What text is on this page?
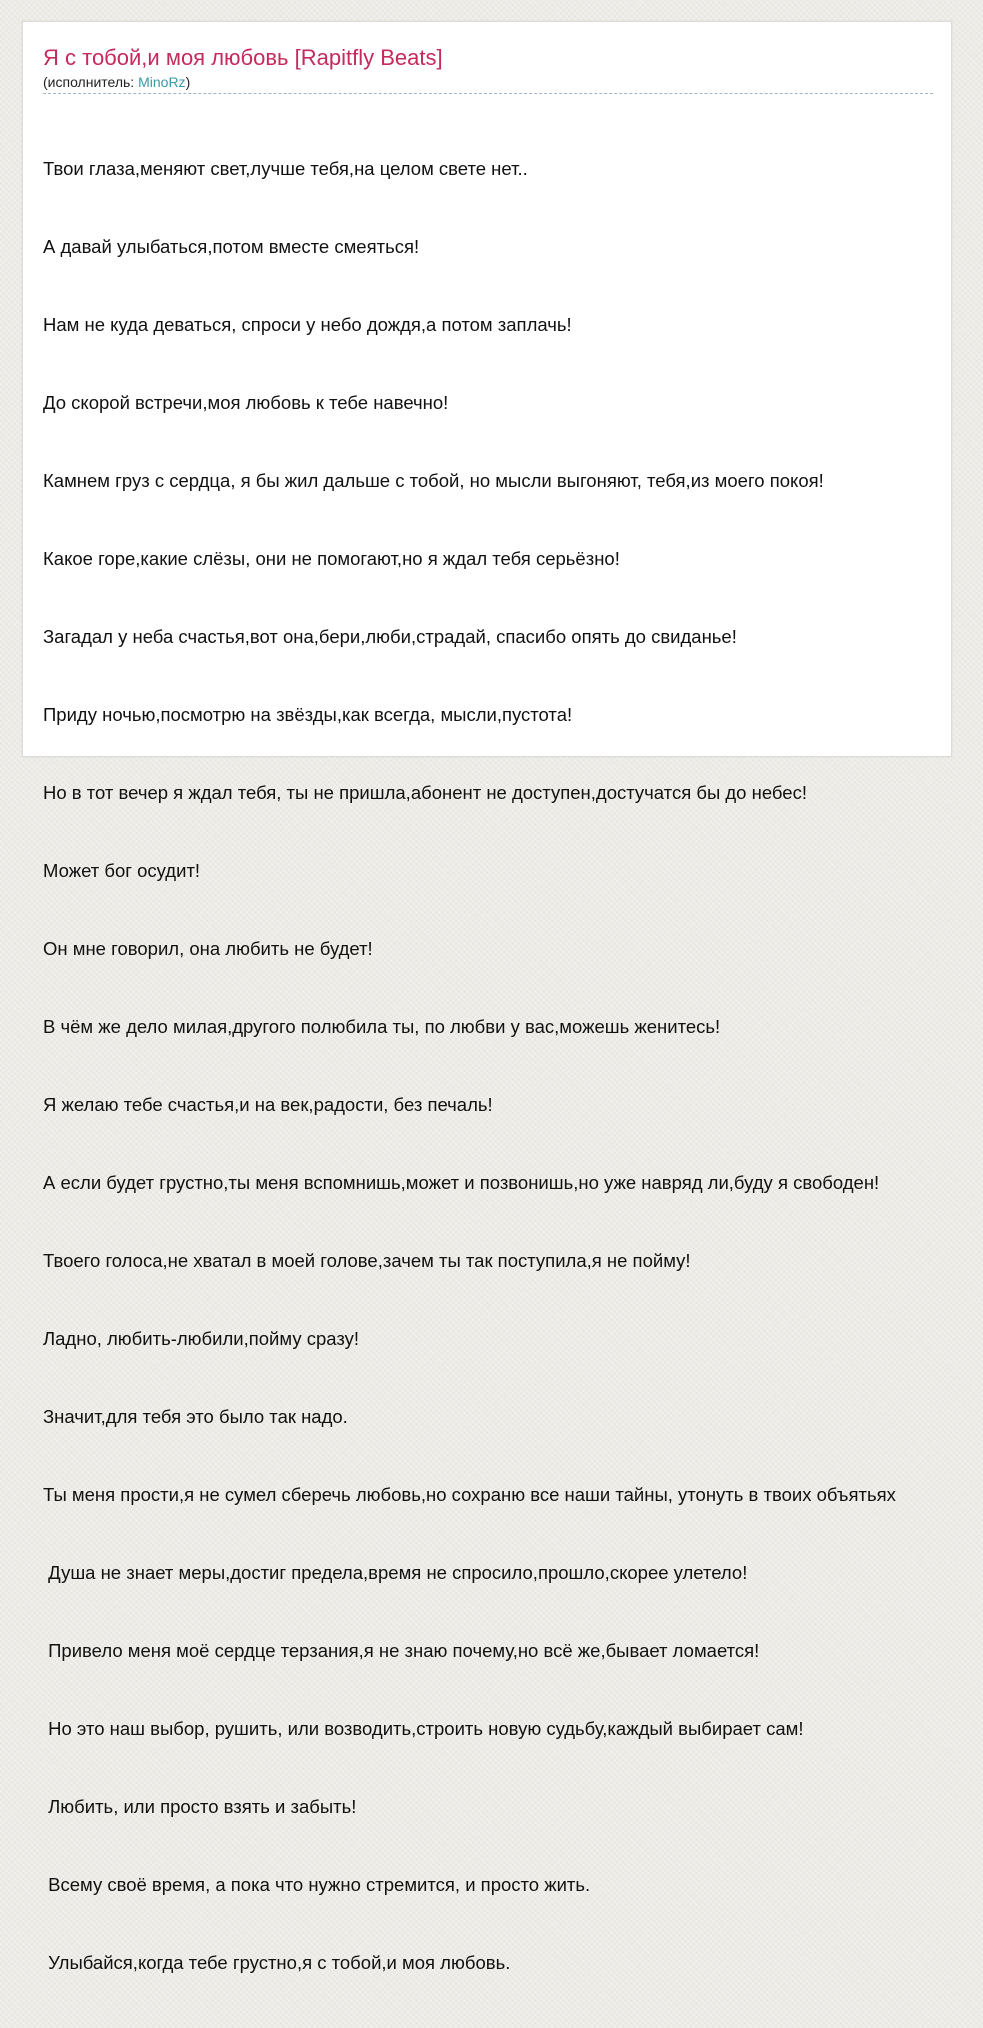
Я с тобой,и моя любовь [Rapitfly Beats]
(исполнитель: MinoRz)

Твои глаза,меняют свет,лучше тебя,на целом свете нет..

А давай улыбаться,потом вместе смеяться!

Нам не куда деваться, спроси у небо дождя,а потом заплачь!

До скорой встречи,моя любовь к тебе навечно!

Камнем груз с сердца, я бы жил дальше с тобой, но мысли выгоняют, тебя,из моего покоя!

Какое горе,какие слёзы, они не помогают,но я ждал тебя серьёзно!

Загадал у неба счастья,вот она,бери,люби,страдай, спасибо опять до свиданье!

Приду ночью,посмотрю на звёзды,как всегда, мысли,пустота!

Но в тот вечер я ждал тебя, ты не пришла,абонент не доступен,достучатся бы до небес!

Может бог осудит!

Он мне говорил, она любить не будет!

В чём же дело милая,другого полюбила ты, по любви у вас,можешь женитесь!

Я желаю тебе счастья,и на век,радости, без печаль!

А если будет грустно,ты меня вспомнишь,может и позвонишь,но уже навряд ли,буду я свободен!

Твоего голоса,не хватал в моей голове,зачем ты так поступила,я не пойму!

Ладно, любить-любили,пойму сразу!

Значит,для тебя это было так надо.

Ты меня прости,я не сумел сберечь любовь,но сохраню все наши тайны, утонуть в твоих объятьях

Душа не знает меры,достиг предела,время не спросило,прошло,скорее улетело!

Привело меня моё сердце терзания,я не знаю почему,но всё же,бывает ломается!

Но это наш выбор, рушить, или возводить,строить новую судьбу,каждый выбирает сам!

Любить, или просто взять и забыть!

Всему своё время, а пока что нужно стремится, и просто жить.

Улыбайся,когда тебе грустно,я с тобой,и моя любовь.
